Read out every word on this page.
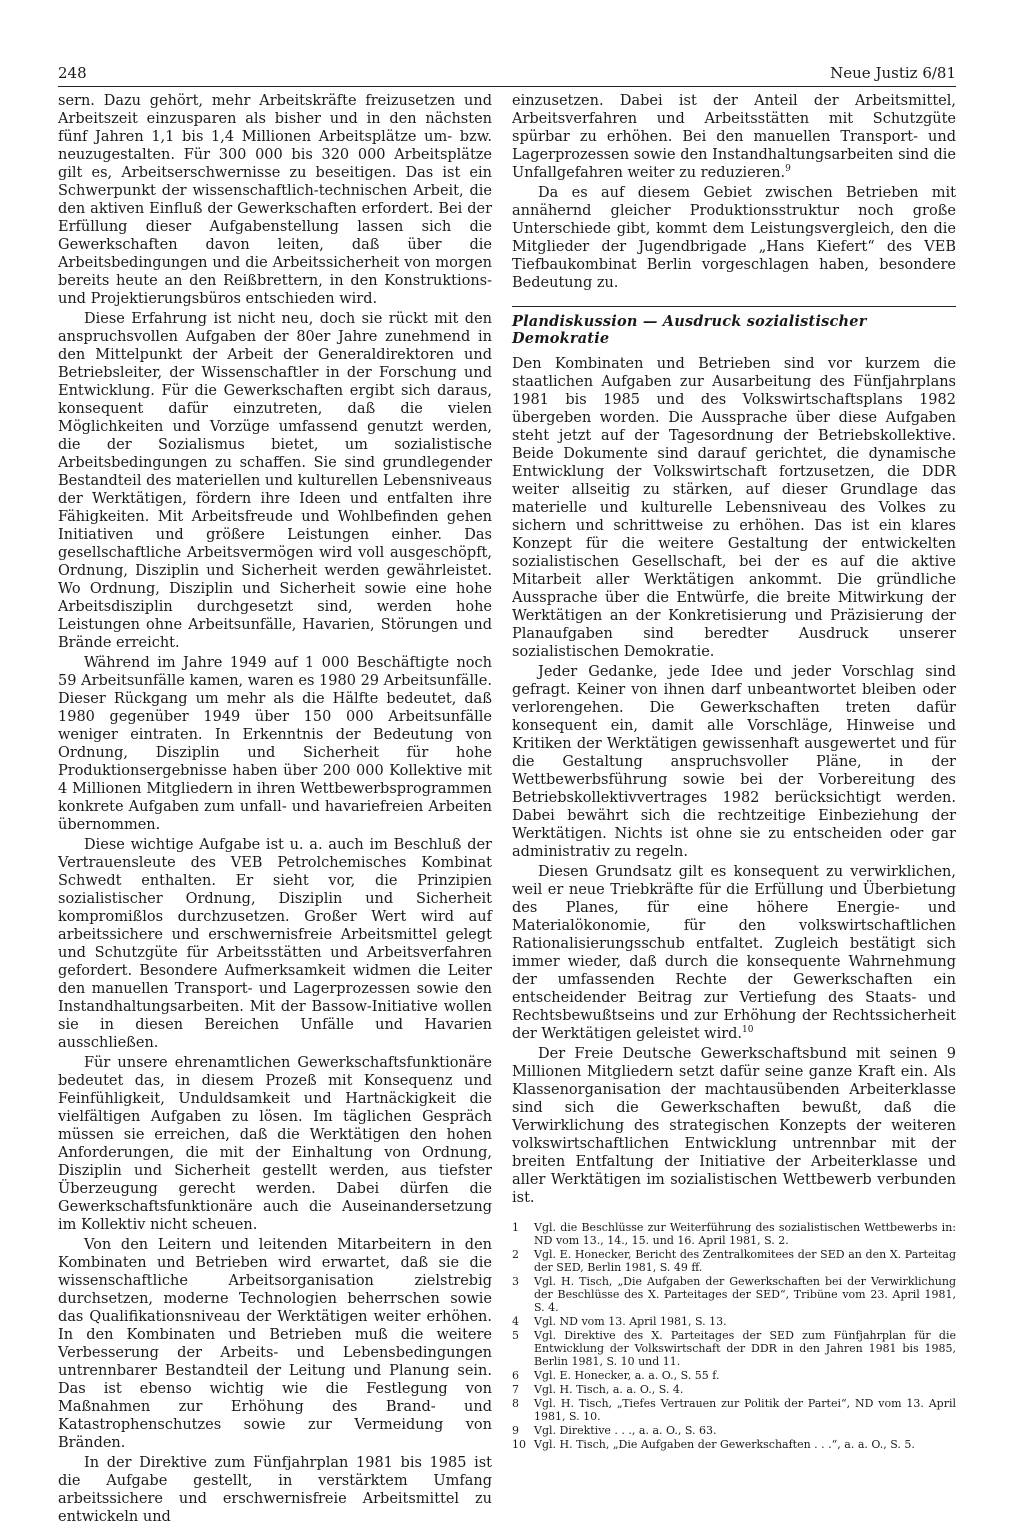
248	Neue Justiz 6/81

sern. Dazu gehört, mehr Arbeitskräfte freizusetzen und Arbeitszeit einzusparen als bisher und in den nächsten fünf Jahren 1,1 bis 1,4 Millionen Arbeitsplätze um- bzw. neuzugestalten. Für 300 000 bis 320 000 Arbeitsplätze gilt es, Arbeitserschwernisse zu beseitigen. Das ist ein Schwerpunkt der wissenschaftlich-technischen Arbeit, die den aktiven Einfluß der Gewerkschaften erfordert. Bei der Erfüllung dieser Aufgabenstellung lassen sich die Gewerkschaften davon leiten, daß über die Arbeitsbedingungen und die Arbeitssicherheit von morgen bereits heute an den Reißbrettern, in den Konstruktions- und Projektierungsbüros entschieden wird.

Diese Erfahrung ist nicht neu, doch sie rückt mit den anspruchsvollen Aufgaben der 80er Jahre zunehmend in den Mittelpunkt der Arbeit der Generaldirektoren und Betriebsleiter, der Wissenschaftler in der Forschung und Entwicklung. Für die Gewerkschaften ergibt sich daraus, konsequent dafür einzutreten, daß die vielen Möglichkeiten und Vorzüge umfassend genutzt werden, die der Sozialismus bietet, um sozialistische Arbeitsbedingungen zu schaffen. Sie sind grundlegender Bestandteil des materiellen und kulturellen Lebensniveaus der Werktätigen, fördern ihre Ideen und entfalten ihre Fähigkeiten. Mit Arbeitsfreude und Wohlbefinden gehen Initiativen und größere Leistungen einher. Das gesellschaftliche Arbeitsvermögen wird voll ausgeschöpft, Ordnung, Disziplin und Sicherheit werden gewährleistet. Wo Ordnung, Disziplin und Sicherheit sowie eine hohe Arbeitsdisziplin durchgesetzt sind, werden hohe Leistungen ohne Arbeitsunfälle, Havarien, Störungen und Brände erreicht.

Während im Jahre 1949 auf 1 000 Beschäftigte noch 59 Arbeitsunfälle kamen, waren es 1980 29 Arbeitsunfälle. Dieser Rückgang um mehr als die Hälfte bedeutet, daß 1980 gegenüber 1949 über 150 000 Arbeitsunfälle weniger eintraten. In Erkenntnis der Bedeutung von Ordnung, Disziplin und Sicherheit für hohe Produktionsergebnisse haben über 200 000 Kollektive mit 4 Millionen Mitgliedern in ihren Wettbewerbsprogrammen konkrete Aufgaben zum unfall- und havariefreien Arbeiten übernommen.

Diese wichtige Aufgabe ist u. a. auch im Beschluß der Vertrauensleute des VEB Petrolchemisches Kombinat Schwedt enthalten. Er sieht vor, die Prinzipien sozialistischer Ordnung, Disziplin und Sicherheit kompromißlos durchzusetzen. Großer Wert wird auf arbeitssichere und erschwernisfreie Arbeitsmittel gelegt und Schutzgüte für Arbeitsstätten und Arbeitsverfahren gefordert. Besondere Aufmerksamkeit widmen die Leiter den manuellen Transport- und Lagerprozessen sowie den Instandhaltungsarbeiten. Mit der Bassow-Initiative wollen sie in diesen Bereichen Unfälle und Havarien ausschließen.

Für unsere ehrenamtlichen Gewerkschaftsfunktionäre bedeutet das, in diesem Prozeß mit Konsequenz und Feinfühligkeit, Unduldsamkeit und Hartnäckigkeit die vielfältigen Aufgaben zu lösen. Im täglichen Gespräch müssen sie erreichen, daß die Werktätigen den hohen Anforderungen, die mit der Einhaltung von Ordnung, Disziplin und Sicherheit gestellt werden, aus tiefster Überzeugung gerecht werden. Dabei dürfen die Gewerkschaftsfunktionäre auch die Auseinandersetzung im Kollektiv nicht scheuen.

Von den Leitern und leitenden Mitarbeitern in den Kombinaten und Betrieben wird erwartet, daß sie die wissenschaftliche Arbeitsorganisation zielstrebig durchsetzen, moderne Technologien beherrschen sowie das Qualifikationsniveau der Werktätigen weiter erhöhen. In den Kombinaten und Betrieben muß die weitere Verbesserung der Arbeits- und Lebensbedingungen untrennbarer Bestandteil der Leitung und Planung sein. Das ist ebenso wichtig wie die Festlegung von Maßnahmen zur Erhöhung des Brand- und Katastrophenschutzes sowie zur Vermeidung von Bränden.

In der Direktive zum Fünfjahrplan 1981 bis 1985 ist die Aufgabe gestellt, in verstärktem Umfang arbeitssichere und erschwernisfreie Arbeitsmittel zu entwickeln und

einzusetzen. Dabei ist der Anteil der Arbeitsmittel, Arbeitsverfahren und Arbeitsstätten mit Schutzgüte spürbar zu erhöhen. Bei den manuellen Transport- und Lagerprozessen sowie den Instandhaltungsarbeiten sind die Unfallgefahren weiter zu reduzieren.$^9$

Da es auf diesem Gebiet zwischen Betrieben mit annähernd gleicher Produktionsstruktur noch große Unterschiede gibt, kommt dem Leistungsvergleich, den die Mitglieder der Jugendbrigade „Hans Kiefert“ des VEB Tiefbaukombinat Berlin vorgeschlagen haben, besondere Bedeutung zu.

Plandiskussion — Ausdruck sozialistischer Demokratie

Den Kombinaten und Betrieben sind vor kurzem die staatlichen Aufgaben zur Ausarbeitung des Fünfjahrplans 1981 bis 1985 und des Volkswirtschaftsplans 1982 übergeben worden. Die Aussprache über diese Aufgaben steht jetzt auf der Tagesordnung der Betriebskollektive. Beide Dokumente sind darauf gerichtet, die dynamische Entwicklung der Volkswirtschaft fortzusetzen, die DDR weiter allseitig zu stärken, auf dieser Grundlage das materielle und kulturelle Lebensniveau des Volkes zu sichern und schrittweise zu erhöhen. Das ist ein klares Konzept für die weitere Gestaltung der entwickelten sozialistischen Gesellschaft, bei der es auf die aktive Mitarbeit aller Werktätigen ankommt. Die gründliche Aussprache über die Entwürfe, die breite Mitwirkung der Werktätigen an der Konkretisierung und Präzisierung der Planaufgaben sind beredter Ausdruck unserer sozialistischen Demokratie.

Jeder Gedanke, jede Idee und jeder Vorschlag sind gefragt. Keiner von ihnen darf unbeantwortet bleiben oder verlorengehen. Die Gewerkschaften treten dafür konsequent ein, damit alle Vorschläge, Hinweise und Kritiken der Werktätigen gewissenhaft ausgewertet und für die Gestaltung anspruchsvoller Pläne, in der Wettbewerbsführung sowie bei der Vorbereitung des Betriebskollektivvertrages 1982 berücksichtigt werden. Dabei bewährt sich die rechtzeitige Einbeziehung der Werktätigen. Nichts ist ohne sie zu entscheiden oder gar administrativ zu regeln.

Diesen Grundsatz gilt es konsequent zu verwirklichen, weil er neue Triebkräfte für die Erfüllung und Überbietung des Planes, für eine höhere Energie- und Materialökonomie, für den volkswirtschaftlichen Rationalisierungsschub entfaltet. Zugleich bestätigt sich immer wieder, daß durch die konsequente Wahrnehmung der umfassenden Rechte der Gewerkschaften ein entscheidender Beitrag zur Vertiefung des Staats- und Rechtsbewußtseins und zur Erhöhung der Rechtssicherheit der Werktätigen geleistet wird.$^{10}$

Der Freie Deutsche Gewerkschaftsbund mit seinen 9 Millionen Mitgliedern setzt dafür seine ganze Kraft ein. Als Klassenorganisation der machtausübenden Arbeiterklasse sind sich die Gewerkschaften bewußt, daß die Verwirklichung des strategischen Konzepts der weiteren volkswirtschaftlichen Entwicklung untrennbar mit der breiten Entfaltung der Initiative der Arbeiterklasse und aller Werktätigen im sozialistischen Wettbewerb verbunden ist.

1	Vgl. die Beschlüsse zur Weiterführung des sozialistischen Wettbewerbs in: ND vom 13., 14., 15. und 16. April 1981, S. 2.
2	Vgl. E. Honecker, Bericht des Zentralkomitees der SED an den X. Parteitag der SED, Berlin 1981, S. 49 ff.
3	Vgl. H. Tisch, „Die Aufgaben der Gewerkschaften bei der Verwirklichung der Beschlüsse des X. Parteitages der SED“, Tribüne vom 23. April 1981, S. 4.
4	Vgl. ND vom 13. April 1981, S. 13.
5	Vgl. Direktive des X. Parteitages der SED zum Fünfjahrplan für die Entwicklung der Volkswirtschaft der DDR in den Jahren 1981 bis 1985, Berlin 1981, S. 10 und 11.
6	Vgl. E. Honecker, a. a. O., S. 55 f.
7	Vgl. H. Tisch, a. a. O., S. 4.
8	Vgl. H. Tisch, „Tiefes Vertrauen zur Politik der Partei“, ND vom 13. April 1981, S. 10.
9	Vgl. Direktive . . ., a. a. O., S. 63.
10 Vgl. H. Tisch, „Die Aufgaben der Gewerkschaften . . .“, a. a. O., S. 5.
